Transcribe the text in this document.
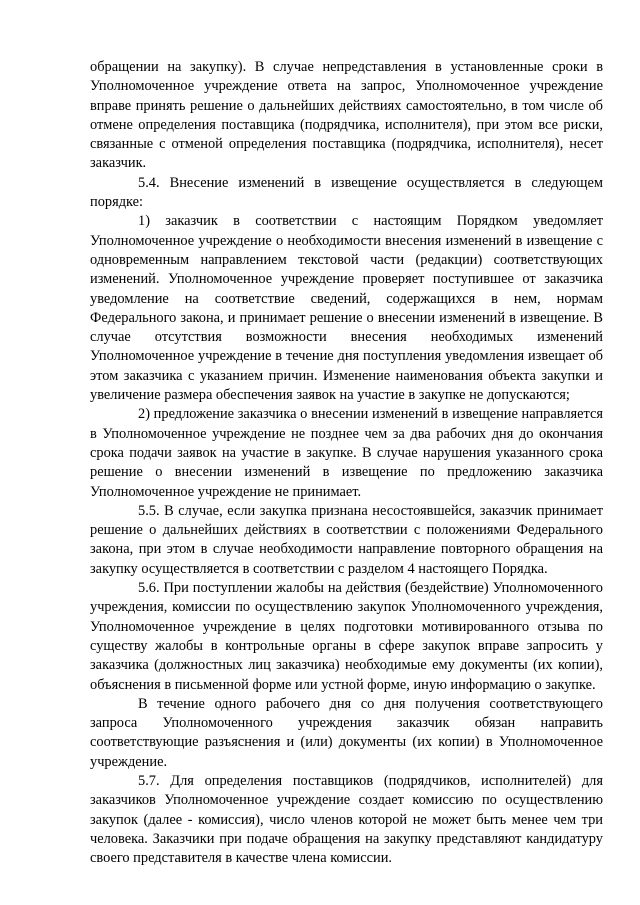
обращении на закупку). В случае непредставления в установленные сроки в Уполномоченное учреждение ответа на запрос, Уполномоченное учреждение вправе принять решение о дальнейших действиях самостоятельно, в том числе об отмене определения поставщика (подрядчика, исполнителя), при этом все риски, связанные с отменой определения поставщика (подрядчика, исполнителя), несет заказчик.

5.4. Внесение изменений в извещение осуществляется в следующем порядке:

1) заказчик в соответствии с настоящим Порядком уведомляет Уполномоченное учреждение о необходимости внесения изменений в извещение с одновременным направлением текстовой части (редакции) соответствующих изменений. Уполномоченное учреждение проверяет поступившее от заказчика уведомление на соответствие сведений, содержащихся в нем, нормам Федерального закона, и принимает решение о внесении изменений в извещение. В случае отсутствия возможности внесения необходимых изменений Уполномоченное учреждение в течение дня поступления уведомления извещает об этом заказчика с указанием причин. Изменение наименования объекта закупки и увеличение размера обеспечения заявок на участие в закупке не допускаются;

2) предложение заказчика о внесении изменений в извещение направляется в Уполномоченное учреждение не позднее чем за два рабочих дня до окончания срока подачи заявок на участие в закупке. В случае нарушения указанного срока решение о внесении изменений в извещение по предложению заказчика Уполномоченное учреждение не принимает.

5.5. В случае, если закупка признана несостоявшейся, заказчик принимает решение о дальнейших действиях в соответствии с положениями Федерального закона, при этом в случае необходимости направление повторного обращения на закупку осуществляется в соответствии с разделом 4 настоящего Порядка.

5.6. При поступлении жалобы на действия (бездействие) Уполномоченного учреждения, комиссии по осуществлению закупок Уполномоченного учреждения, Уполномоченное учреждение в целях подготовки мотивированного отзыва по существу жалобы в контрольные органы в сфере закупок вправе запросить у заказчика (должностных лиц заказчика) необходимые ему документы (их копии), объяснения в письменной форме или устной форме, иную информацию о закупке.

В течение одного рабочего дня со дня получения соответствующего запроса Уполномоченного учреждения заказчик обязан направить соответствующие разъяснения и (или) документы (их копии) в Уполномоченное учреждение.

5.7. Для определения поставщиков (подрядчиков, исполнителей) для заказчиков Уполномоченное учреждение создает комиссию по осуществлению закупок (далее - комиссия), число членов которой не может быть менее чем три человека. Заказчики при подаче обращения на закупку представляют кандидатуру своего представителя в качестве члена комиссии.
